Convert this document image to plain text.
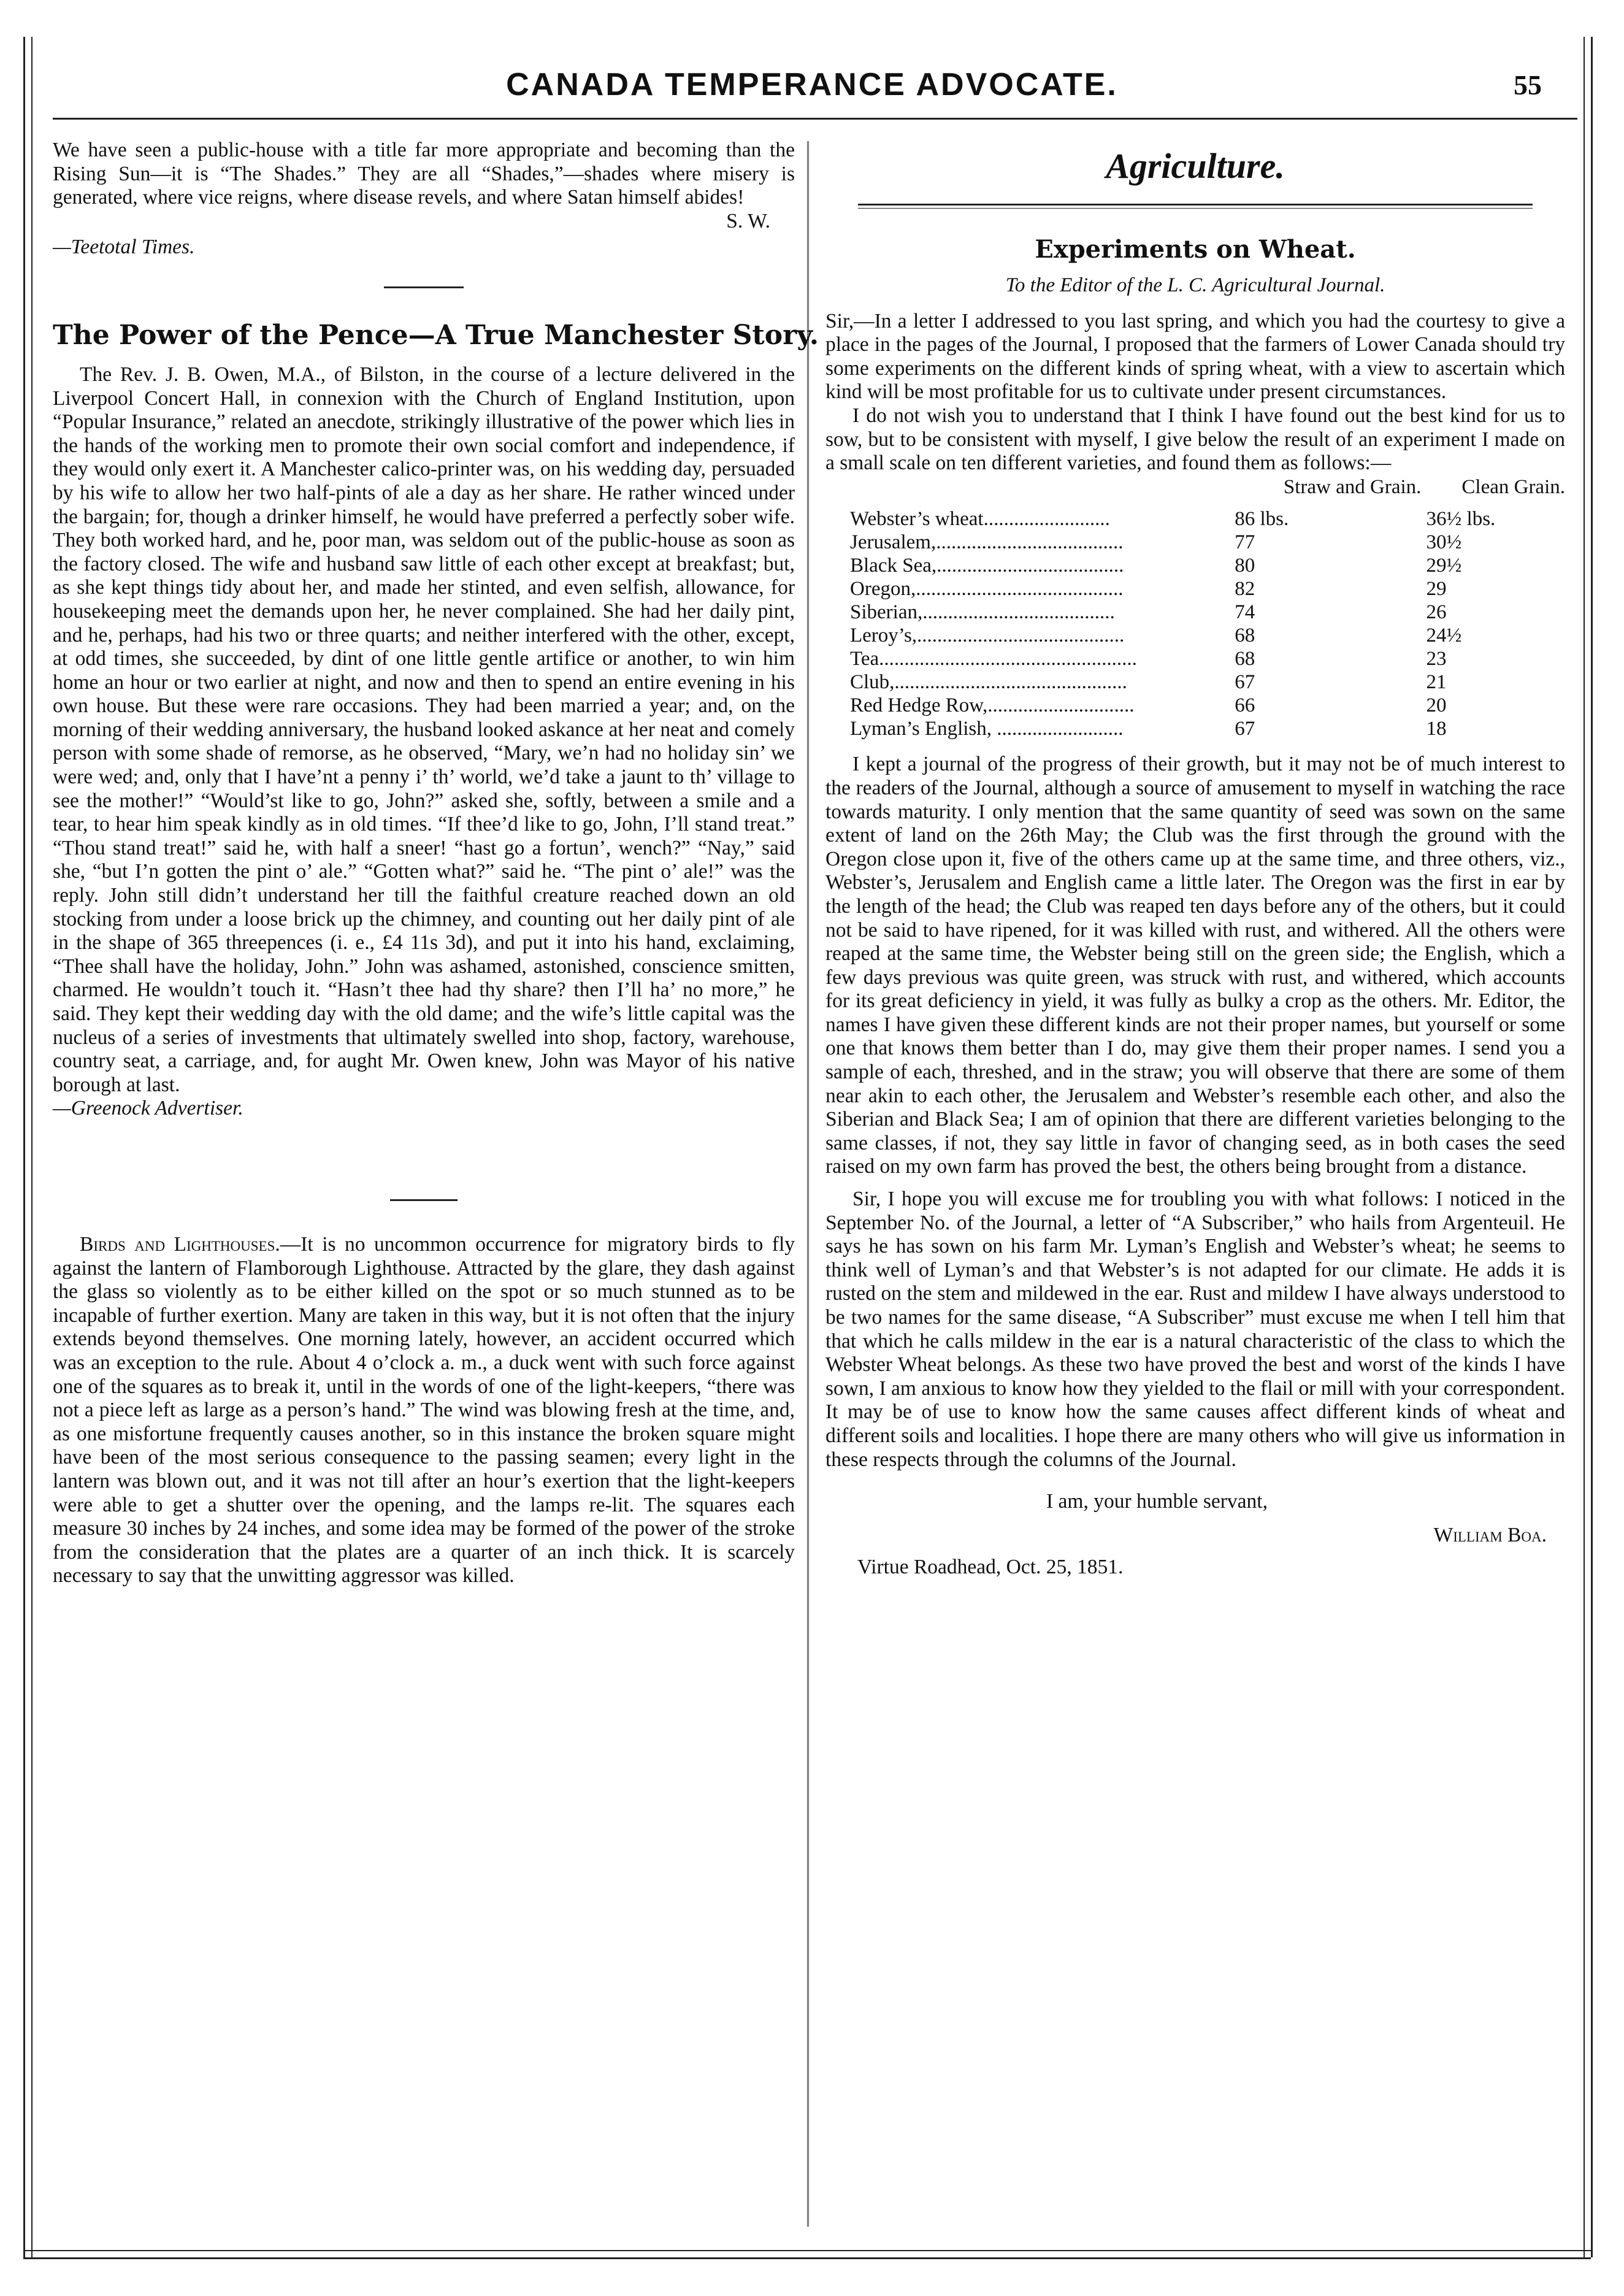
CANADA TEMPERANCE ADVOCATE.	55

We have seen a public-house with a title far more appropriate and becoming than the Rising Sun—it is “The Shades.” They are all “Shades,”—shades where misery is generated, where vice reigns, where disease revels, and where Satan himself abides!

S. W.
—Teetotal Times.
The Power of the Pence—A True Manchester Story.

The Rev. J. B. Owen, M.A., of Bilston, in the course of a lecture delivered in the Liverpool Concert Hall, in connexion with the Church of England Institution, upon “Popular Insurance,” related an anecdote, strikingly illustrative of the power which lies in the hands of the working men to promote their own social comfort and independence, if they would only exert it. A Manchester calico-printer was, on his wedding day, persuaded by his wife to allow her two half-pints of ale a day as her share. He rather winced under the bargain; for, though a drinker himself, he would have preferred a perfectly sober wife. They both worked hard, and he, poor man, was seldom out of the public-house as soon as the factory closed. The wife and husband saw little of each other except at breakfast; but, as she kept things tidy about her, and made her stinted, and even selfish, allowance, for housekeeping meet the demands upon her, he never complained. She had her daily pint, and he, perhaps, had his two or three quarts; and neither interfered with the other, except, at odd times, she succeeded, by dint of one little gentle artifice or another, to win him home an hour or two earlier at night, and now and then to spend an entire evening in his own house. But these were rare occasions. They had been married a year; and, on the morning of their wedding anniversary, the husband looked askance at her neat and comely person with some shade of remorse, as he observed, “Mary, we’n had no holiday sin’ we were wed; and, only that I have’nt a penny i’ th’ world, we’d take a jaunt to th’ village to see the mother!” “Would’st like to go, John?” asked she, softly, between a smile and a tear, to hear him speak kindly as in old times. “If thee’d like to go, John, I’ll stand treat.” “Thou stand treat!” said he, with half a sneer! “hast go a fortun’, wench?” “Nay,” said she, “but I’n gotten the pint o’ ale.” “Gotten what?” said he. “The pint o’ ale!” was the reply. John still didn’t understand her till the faithful creature reached down an old stocking from under a loose brick up the chimney, and counting out her daily pint of ale in the shape of 365 threepences (i. e., £4 11s 3d), and put it into his hand, exclaiming, “Thee shall have the holiday, John.” John was ashamed, astonished, conscience smitten, charmed. He wouldn’t touch it. “Hasn’t thee had thy share? then I’ll ha’ no more,” he said. They kept their wedding day with the old dame; and the wife’s little capital was the nucleus of a series of investments that ultimately swelled into shop, factory, warehouse, country seat, a carriage, and, for aught Mr. Owen knew, John was Mayor of his native borough at last.

—Greenock Advertiser.

Birds and Lighthouses.—It is no uncommon occurrence for migratory birds to fly against the lantern of Flamborough Lighthouse. Attracted by the glare, they dash against the glass so violently as to be either killed on the spot or so much stunned as to be incapable of further exertion. Many are taken in this way, but it is not often that the injury extends beyond themselves. One morning lately, however, an accident occurred which was an exception to the rule. About 4 o’clock a. m., a duck went with such force against one of the squares as to break it, until in the words of one of the light-keepers, “there was not a piece left as large as a person’s hand.” The wind was blowing fresh at the time, and, as one misfortune frequently causes another, so in this instance the broken square might have been of the most serious consequence to the passing seamen; every light in the lantern was blown out, and it was not till after an hour’s exertion that the light-keepers were able to get a shutter over the opening, and the lamps re-lit. The squares each measure 30 inches by 24 inches, and some idea may be formed of the power of the stroke from the consideration that the plates are a quarter of an inch thick. It is scarcely necessary to say that the unwitting aggressor was killed.

Agriculture.
Experiments on Wheat.
To the Editor of the L. C. Agricultural Journal.

Sir,—In a letter I addressed to you last spring, and which you had the courtesy to give a place in the pages of the Journal, I proposed that the farmers of Lower Canada should try some experiments on the different kinds of spring wheat, with a view to ascertain which kind will be most profitable for us to cultivate under present circumstances.

I do not wish you to understand that I think I have found out the best kind for us to sow, but to be consistent with myself, I give below the result of an experiment I made on a small scale on ten different varieties, and found them as follows:—

Straw and Grain. Clean Grain.
Webster’s wheat.........................	86 lbs.	36½ lbs.
Jerusalem,.....................................	77	30½
Black Sea,.....................................	80	29½
Oregon,.........................................	82	29
Siberian,......................................	74	26
Leroy’s,.........................................	68	24½
Tea...................................................	68	23
Club,..............................................	67	21
Red Hedge Row,.............................	66	20
Lyman’s English, .........................	67	18

I kept a journal of the progress of their growth, but it may not be of much interest to the readers of the Journal, although a source of amusement to myself in watching the race towards maturity. I only mention that the same quantity of seed was sown on the same extent of land on the 26th May; the Club was the first through the ground with the Oregon close upon it, five of the others came up at the same time, and three others, viz., Webster’s, Jerusalem and English came a little later. The Oregon was the first in ear by the length of the head; the Club was reaped ten days before any of the others, but it could not be said to have ripened, for it was killed with rust, and withered. All the others were reaped at the same time, the Webster being still on the green side; the English, which a few days previous was quite green, was struck with rust, and withered, which accounts for its great deficiency in yield, it was fully as bulky a crop as the others. Mr. Editor, the names I have given these different kinds are not their proper names, but yourself or some one that knows them better than I do, may give them their proper names. I send you a sample of each, threshed, and in the straw; you will observe that there are some of them near akin to each other, the Jerusalem and Webster’s resemble each other, and also the Siberian and Black Sea; I am of opinion that there are different varieties belonging to the same classes, if not, they say little in favor of changing seed, as in both cases the seed raised on my own farm has proved the best, the others being brought from a distance.

Sir, I hope you will excuse me for troubling you with what follows: I noticed in the September No. of the Journal, a letter of “A Subscriber,” who hails from Argenteuil. He says he has sown on his farm Mr. Lyman’s English and Webster’s wheat; he seems to think well of Lyman’s and that Webster’s is not adapted for our climate. He adds it is rusted on the stem and mildewed in the ear. Rust and mildew I have always understood to be two names for the same disease, “A Subscriber” must excuse me when I tell him that that which he calls mildew in the ear is a natural characteristic of the class to which the Webster Wheat belongs. As these two have proved the best and worst of the kinds I have sown, I am anxious to know how they yielded to the flail or mill with your correspondent. It may be of use to know how the same causes affect different kinds of wheat and different soils and localities. I hope there are many others who will give us information in these respects through the columns of the Journal.

I am, your humble servant,
William Boa.
Virtue Roadhead, Oct. 25, 1851.
